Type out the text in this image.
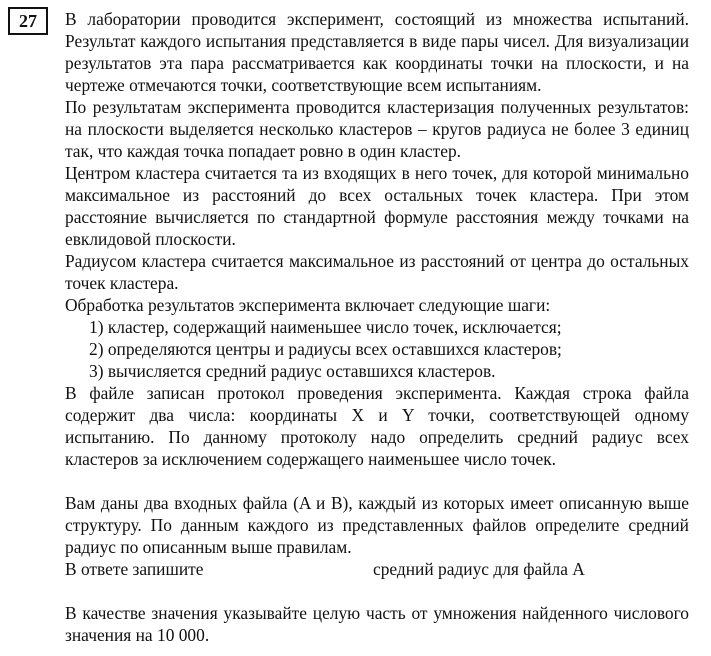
27 В лаборатории проводится эксперимент, состоящий из множества испытаний. Результат каждого испытания представляется в виде пары чисел. Для визуализации результатов эта пара рассматривается как координаты точки на плоскости, и на чертеже отмечаются точки, соответствующие всем испытаниям.

По результатам эксперимента проводится кластеризация полученных результатов: на плоскости выделяется несколько кластеров – кругов радиуса не более 3 единиц так, что каждая точка попадает ровно в один кластер.

Центром кластера считается та из входящих в него точек, для которой минимально максимальное из расстояний до всех остальных точек кластера. При этом расстояние вычисляется по стандартной формуле расстояния между точками на евклидовой плоскости.

Радиусом кластера считается максимальное из расстояний от центра до остальных точек кластера.

Обработка результатов эксперимента включает следующие шаги:

1) кластер, содержащий наименьшее число точек, исключается;
2) определяются центры и радиусы всех оставшихся кластеров;
3) вычисляется средний радиус оставшихся кластеров.

В файле записан протокол проведения эксперимента. Каждая строка файла содержит два числа: координаты X и Y точки, соответствующей одному испытанию. По данному протоколу надо определить средний радиус всех кластеров за исключением содержащего наименьшее число точек.

Вам даны два входных файла (A и B), каждый из которых имеет описанную выше структуру. По данным каждого из представленных файлов определите средний радиус по описанным выше правилам.

В ответе запишите	средний радиус для файла A

В качестве значения указывайте целую часть от умножения найденного числового значения на 10 000.
